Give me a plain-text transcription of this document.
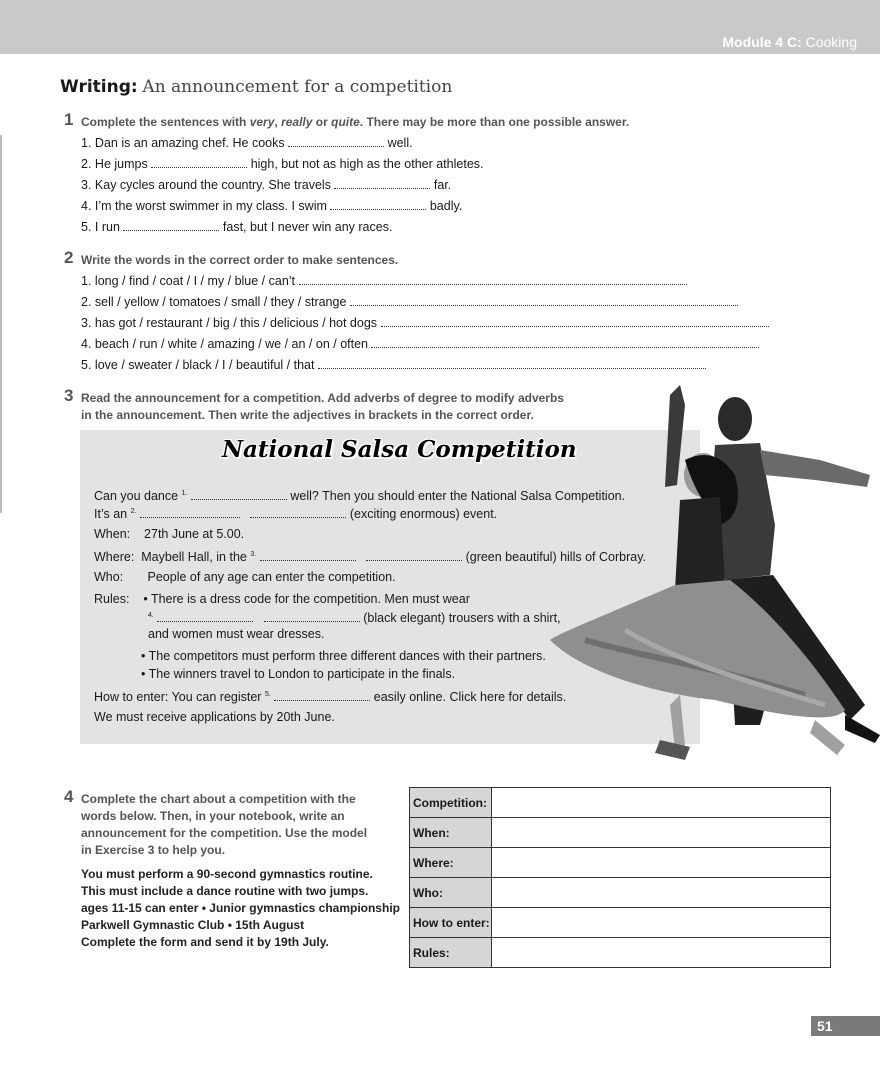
Module 4 C: Cooking
Writing: An announcement for a competition
1 Complete the sentences with very, really or quite. There may be more than one possible answer.
1. Dan is an amazing chef. He cooks	well.
2. He jumps	high, but not as high as the other athletes.
3. Kay cycles around the country. She travels	far.
4. I’m the worst swimmer in my class. I swim	badly.
5. I run	fast, but I never win any races.
2 Write the words in the correct order to make sentences.
1. long / find / coat / I / my / blue / can’t
2. sell / yellow / tomatoes / small / they / strange
3. has got / restaurant / big / this / delicious / hot dogs
4. beach / run / white / amazing / we / an / on / often
5. love / sweater / black / I / beautiful / that
3 Read the announcement for a competition. Add adverbs of degree to modify adverbs
in the announcement. Then write the adjectives in brackets in the correct order.
National Salsa Competition
Can you dance $^{1.}$	well? Then you should enter the National Salsa Competition.
It’s an $^{2.}$	(exciting enormous) event.
When: 27th June at 5.00.
Where: Maybell Hall, in the $^{3.}$	(green beautiful) hills of Corbray.
Who: People of any age can enter the competition.
Rules: • There is a dress code for the competition. Men must wear
$^{4.}$	(black elegant) trousers with a shirt,
and women must wear dresses.
• The competitors must perform three different dances with their partners.
• The winners travel to London to participate in the finals.
How to enter: You can register $^{5.}$	easily online. Click here for details.
We must receive applications by 20th June.
4 Complete the chart about a competition with the
words below. Then, in your notebook, write an
announcement for the competition. Use the model
in Exercise 3 to help you.
You must perform a 90-second gymnastics routine.
This must include a dance routine with two jumps.
ages 11-15 can enter • Junior gymnastics championship
Parkwell Gymnastic Club • 15th August
Complete the form and send it by 19th July.
Competition:	
When:	
Where:	
Who:	
How to enter:	
Rules:	
51
